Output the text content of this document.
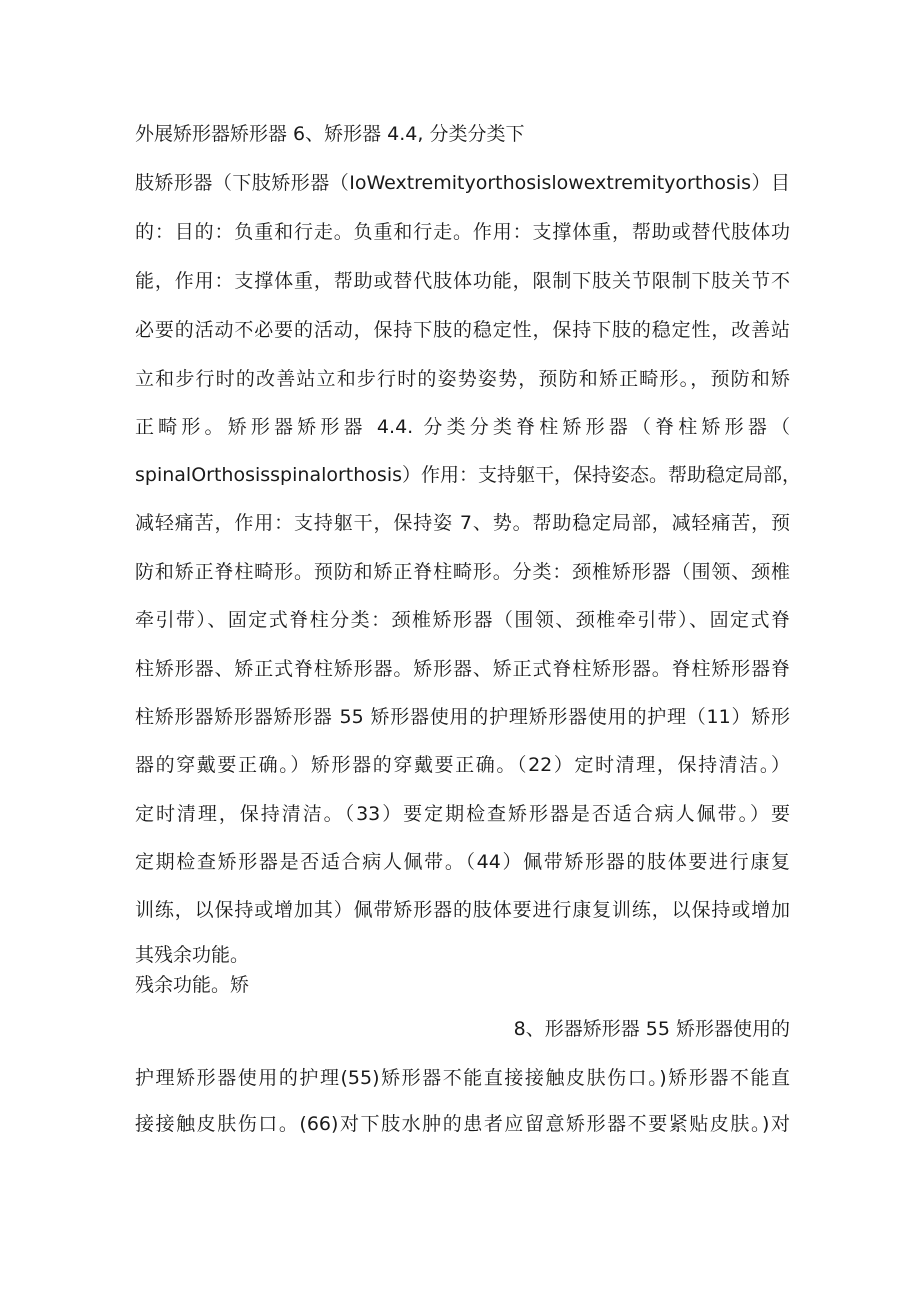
外展矫形器矫形器 6、矫形器 4.4, 分类分类下
肢矫形器（下肢矫形器（IoWextremityorthosislowextremityorthosis）目
的：目的：负重和行走。负重和行走。作用：支撑体重，帮助或替代肢体功
能，作用：支撑体重，帮助或替代肢体功能，限制下肢关节限制下肢关节不
必要的活动不必要的活动，保持下肢的稳定性，保持下肢的稳定性，改善站
立和步行时的改善站立和步行时的姿势姿势，预防和矫正畸形。，预防和矫
正畸形。矫形器矫形器 4.4. 分类分类脊柱矫形器（脊柱矫形器（
spinalOrthosisspinalorthosis）作用：支持躯干，保持姿态。帮助稳定局部，
减轻痛苦，作用：支持躯干，保持姿 7、势。帮助稳定局部，减轻痛苦，预
防和矫正脊柱畸形。预防和矫正脊柱畸形。分类：颈椎矫形器（围领、颈椎
牵引带）、固定式脊柱分类：颈椎矫形器（围领、颈椎牵引带）、固定式脊
柱矫形器、矫正式脊柱矫形器。矫形器、矫正式脊柱矫形器。脊柱矫形器脊
柱矫形器矫形器矫形器 55 矫形器使用的护理矫形器使用的护理（11）矫形
器的穿戴要正确。）矫形器的穿戴要正确。（22）定时清理，保持清洁。）
定时清理，保持清洁。（33）要定期检查矫形器是否适合病人佩带。）要
定期检查矫形器是否适合病人佩带。（44）佩带矫形器的肢体要进行康复
训练，以保持或增加其）佩带矫形器的肢体要进行康复训练，以保持或增加
其残余功能。
残余功能。矫
8、形器矫形器 55 矫形器使用的
护理矫形器使用的护理(55)矫形器不能直接接触皮肤伤口。)矫形器不能直
接接触皮肤伤口。(66)对下肢水肿的患者应留意矫形器不要紧贴皮肤。)对
